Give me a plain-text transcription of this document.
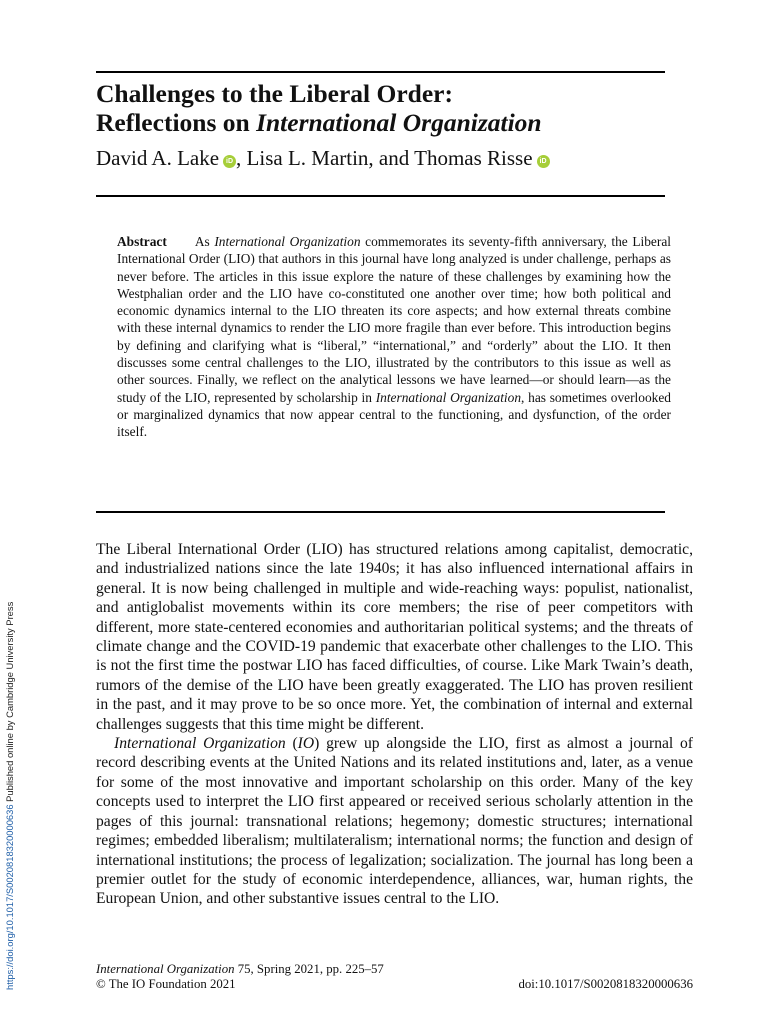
Challenges to the Liberal Order:
Reflections on International Organization
David A. Lake iD , Lisa L. Martin, and Thomas Risse iD
Abstract As International Organization commemorates its seventy-fifth anniversary, the Liberal International Order (LIO) that authors in this journal have long analyzed is under challenge, perhaps as never before. The articles in this issue explore the nature of these challenges by examining how the Westphalian order and the LIO have co-constituted one another over time; how both political and economic dynamics internal to the LIO threaten its core aspects; and how external threats combine with these internal dynamics to render the LIO more fragile than ever before. This introduction begins by defining and clarifying what is “liberal,” “international,” and “orderly” about the LIO. It then discusses some central challenges to the LIO, illustrated by the contributors to this issue as well as other sources. Finally, we reflect on the analytical lessons we have learned—or should learn—as the study of the LIO, represented by scholarship in International Organization, has sometimes overlooked or marginalized dynamics that now appear central to the functioning, and dysfunction, of the order itself.

The Liberal International Order (LIO) has structured relations among capitalist, democratic, and industrialized nations since the late 1940s; it has also influenced international affairs in general. It is now being challenged in multiple and wide-reaching ways: populist, nationalist, and antiglobalist movements within its core members; the rise of peer competitors with different, more state-centered economies and authoritarian political systems; and the threats of climate change and the COVID-19 pandemic that exacerbate other challenges to the LIO. This is not the first time the postwar LIO has faced difficulties, of course. Like Mark Twain’s death, rumors of the demise of the LIO have been greatly exaggerated. The LIO has proven resilient in the past, and it may prove to be so once more. Yet, the combination of internal and external challenges suggests that this time might be different.

International Organization (IO) grew up alongside the LIO, first as almost a journal of record describing events at the United Nations and its related institutions and, later, as a venue for some of the most innovative and important scholarship on this order. Many of the key concepts used to interpret the LIO first appeared or received serious scholarly attention in the pages of this journal: transnational relations; hegemony; domestic structures; international regimes; embedded liberalism; multilateralism; international norms; the function and design of international institutions; the process of legalization; socialization. The journal has long been a premier outlet for the study of economic interdependence, alliances, war, human rights, the European Union, and other substantive issues central to the LIO.

International Organization 75, Spring 2021, pp. 225–57
© The IO Foundation 2021	doi:10.1017/S0020818320000636
https://doi.org/10.1017/S0020818320000636 Published online by Cambridge University Press
